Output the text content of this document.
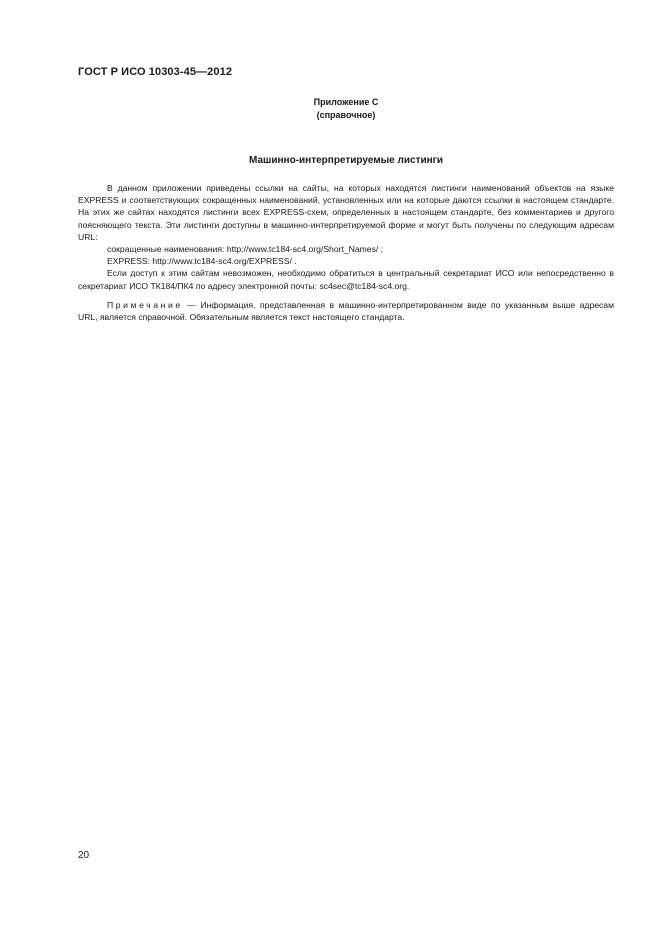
ГОСТ Р ИСО 10303-45—2012
Приложение С
(справочное)
Машинно-интерпретируемые листинги

В данном приложении приведены ссылки на сайты, на которых находятся листинги наименований объектов на языке EXPRESS и соответствующих сокращенных наименований, установленных или на которые даются ссылки в настоящем стандарте. На этих же сайтах находятся листинги всех EXPRESS-схем, определенных в настоящем стандарте, без комментариев и другого поясняющего текста. Эти листинги доступны в машинно-интерпретируемой форме и могут быть получены по следующим адресам URL:

сокращенные наименования: http://www.tc184-sc4.org/Short_Names/ ;

EXPRESS: http://www.tc184-sc4.org/EXPRESS/ .

Если доступ к этим сайтам невозможен, необходимо обратиться в центральный секретариат ИСО или непосредственно в секретариат ИСО ТК184/ПК4 по адресу электронной почты: sc4sec@tc184-sc4.org.

Примечание — Информация, представленная в машинно-интерпретированном виде по указанным выше адресам URL, является справочной. Обязательным является текст настоящего стандарта.

20
